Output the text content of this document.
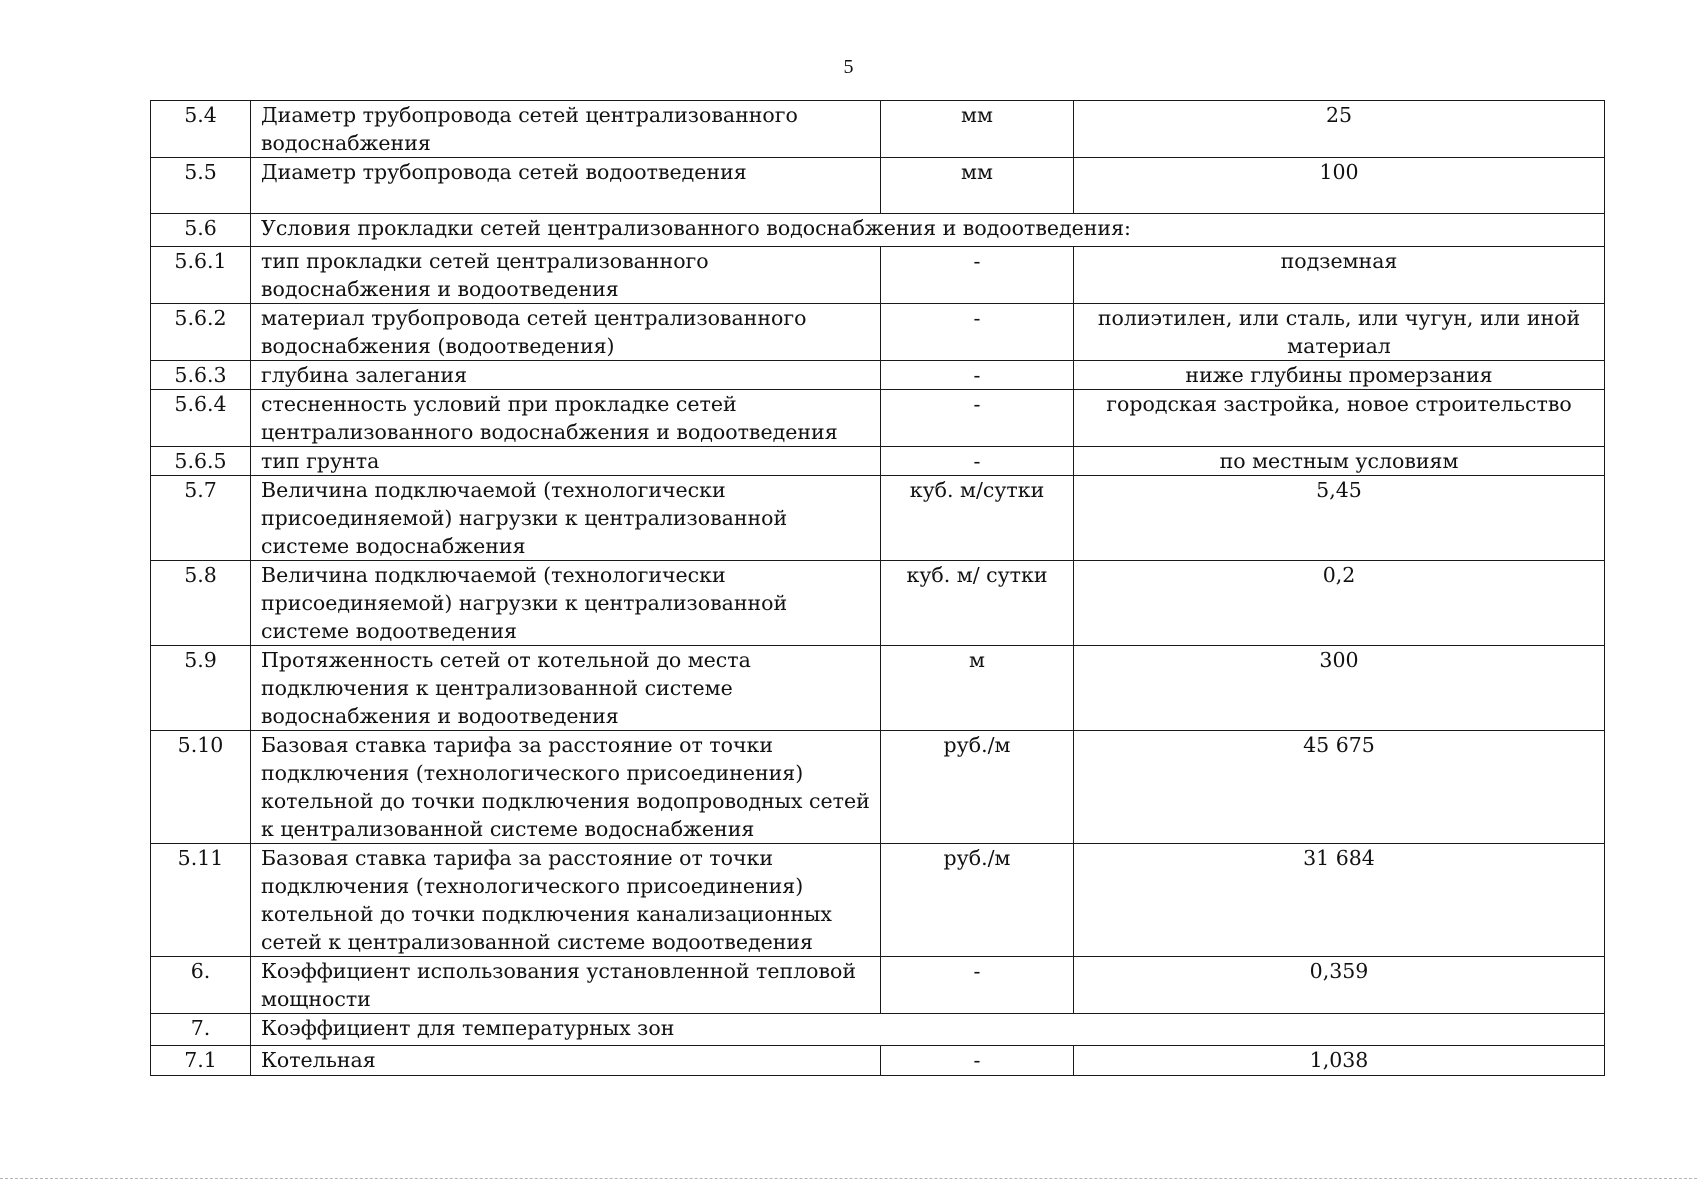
5
5.4	Диаметр трубопровода сетей централизованного водоснабжения	мм	25
5.5	Диаметр трубопровода сетей водоотведения	мм	100
5.6	Условия прокладки сетей централизованного водоснабжения и водоотведения:		
5.6.1	тип прокладки сетей централизованного водоснабжения и водоотведения	-	подземная
5.6.2	материал трубопровода сетей централизованного водоснабжения (водоотведения)	-	полиэтилен, или сталь, или чугун, или иной материал
5.6.3	глубина залегания	-	ниже глубины промерзания
5.6.4	стесненность условий при прокладке сетей централизованного водоснабжения и водоотведения	-	городская застройка, новое строительство
5.6.5	тип грунта	-	по местным условиям
5.7	Величина подключаемой (технологически присоединяемой) нагрузки к централизованной системе водоснабжения	куб. м/сутки	5,45
5.8	Величина подключаемой (технологически присоединяемой) нагрузки к централизованной системе водоотведения	куб. м/ сутки	0,2
5.9	Протяженность сетей от котельной до места подключения к централизованной системе водоснабжения и водоотведения	м	300
5.10	Базовая ставка тарифа за расстояние от точки подключения (технологического присоединения) котельной до точки подключения водопроводных сетей к централизованной системе водоснабжения	руб./м	45 675
5.11	Базовая ставка тарифа за расстояние от точки подключения (технологического присоединения) котельной до точки подключения канализационных сетей к централизованной системе водоотведения	руб./м	31 684
6.	Коэффициент использования установленной тепловой мощности	-	0,359
7.	Коэффициент для температурных зон		
7.1	Котельная	-	1,038
